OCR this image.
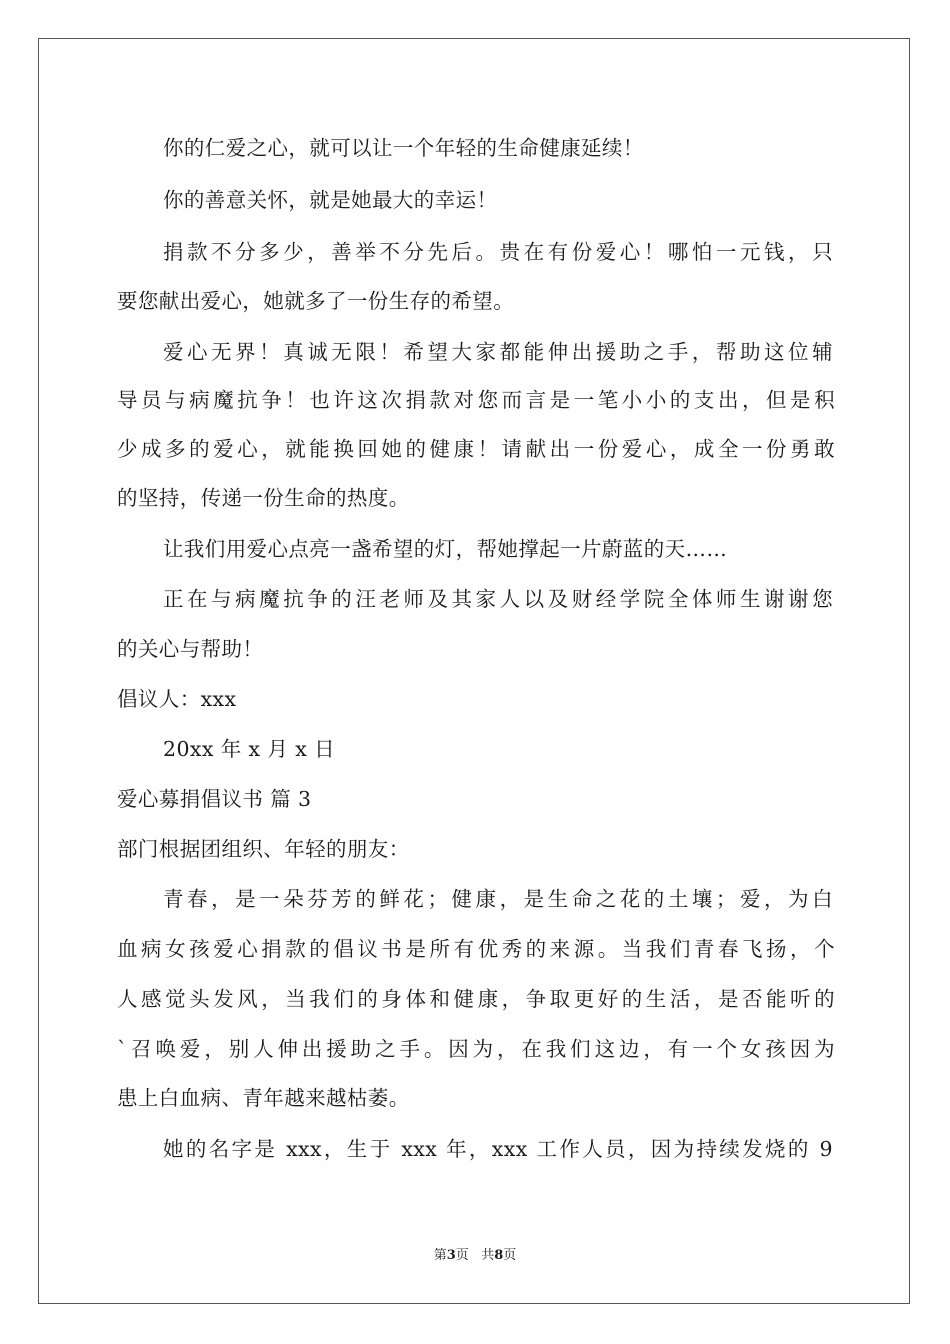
你的仁爱之心，就可以让一个年轻的生命健康延续！
你的善意关怀，就是她最大的幸运！
捐款不分多少，善举不分先后。贵在有份爱心！哪怕一元钱，只
要您献出爱心，她就多了一份生存的希望。
爱心无界！真诚无限！希望大家都能伸出援助之手，帮助这位辅
导员与病魔抗争！也许这次捐款对您而言是一笔小小的支出，但是积
少成多的爱心，就能换回她的健康！请献出一份爱心，成全一份勇敢
的坚持，传递一份生命的热度。
让我们用爱心点亮一盏希望的灯，帮她撑起一片蔚蓝的天……
正在与病魔抗争的汪老师及其家人以及财经学院全体师生谢谢您
的关心与帮助！
倡议人：xxx
20xx 年 x 月 x 日
爱心募捐倡议书 篇 3
部门根据团组织、年轻的朋友：
青春，是一朵芬芳的鲜花；健康，是生命之花的土壤；爱，为白
血病女孩爱心捐款的倡议书是所有优秀的来源。当我们青春飞扬，个
人感觉头发风，当我们的身体和健康，争取更好的生活，是否能听的
`召唤爱，别人伸出援助之手。因为，在我们这边，有一个女孩因为
患上白血病、青年越来越枯萎。
她的名字是 xxx，生于 xxx 年，xxx 工作人员，因为持续发烧的 9
第3页 共8页
